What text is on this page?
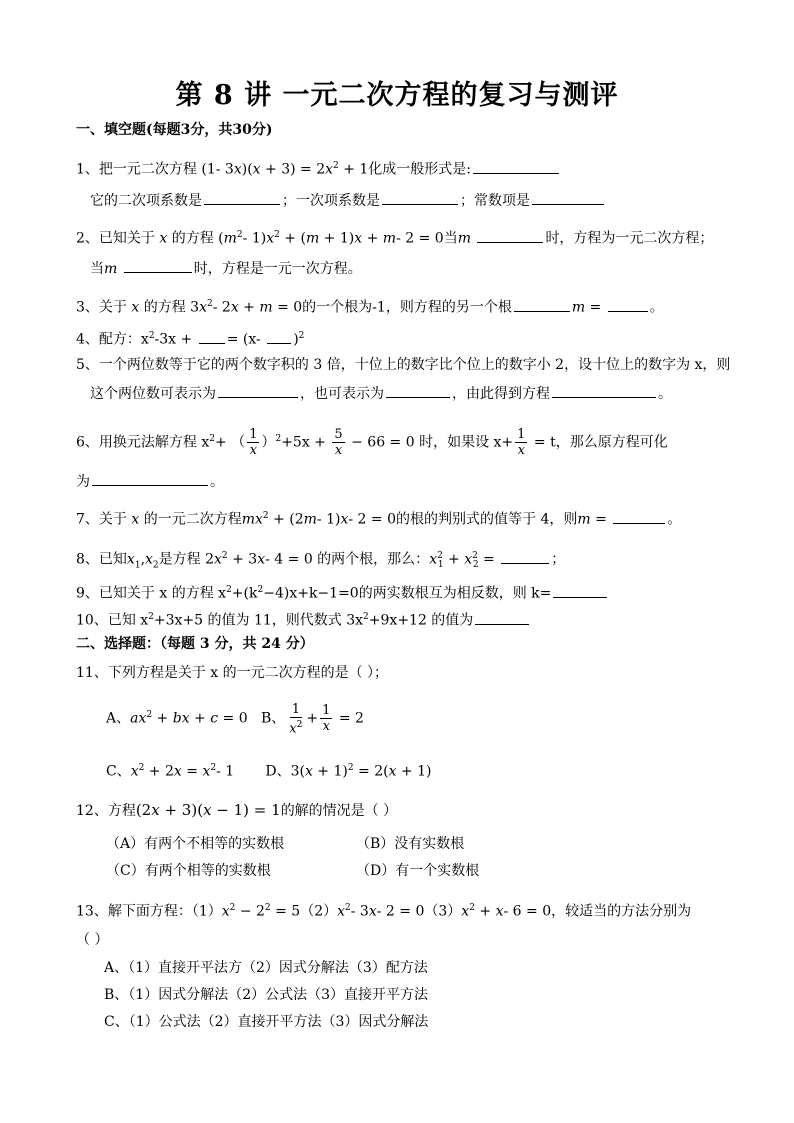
第 8 讲 一元二次方程的复习与测评
一、填空题(每题3分，共30分)
1、把一元二次方程 (1- $3x)(x + 3) = 2x^2 + 1$化成一般形式是:
它的二次项系数是	；一次项系数是	；常数项是
2、已知关于 x 的方程 ($m^2-$ $1)x^2 + (m + 1)x + m-$ 2 = 0当m	时，方程为一元二次方程；
当m	时，方程是一元一次方程。
3、关于 x 的方程 $3x^2-$ 2x + m = 0的一个根为-1，则方程的另一个根	m =	。
4、配方：$x^2-3x$ + = (x- )$^2$
5、一个两位数等于它的两个数字积的 3 倍，十位上的数字比个位上的数字小 2，设十位上的数字为 x，则
这个两位数可表示为	，也可表示为	，由此得到方程	。
6、用换元法解方程 $x^2+$ （ $\frac{1}{x} )^2+5x + \frac{5}{x} - 66 = 0$ 时，如果设 $x+ \frac{1}{x} = t$，那么原方程可化
为	。
7、关于 x 的一元二次方程$mx^2 + (2m-$ 1)x- 2 = 0的根的判别式的值等于 4，则m =	。
8、已知$x_1,x_2$是方程 $2x^2 + 3x-$ 4 = 0 的两个根，那么：$x^2_1 + x^2_2$ =	；
9、已知关于 x 的方程 $x^2+(k^2-4)x+k-1=0$的两实数根互为相反数，则 k=
10、已知 $x^2+3x+5$ 的值为 11，则代数式 $3x^2+9x+12$ 的值为
二、选择题：（每题 3 分，共 24 分）
11、下列方程是关于 x 的一元二次方程的是（ ）；
A、$ax^2$ + bx + c = 0 B、 $\frac{1}{x^2} + \frac{1}{x} = 2$
C、$x^2 + 2x = x^2-$ 1 D、$3(x + 1)^2 = 2(x + 1)$
12、方程(2x + 3)(x − 1) = 1的解的情况是（ ）
（A）有两个不相等的实数根	（B）没有实数根
（C）有两个相等的实数根	（D）有一个实数根
13、解下面方程：$(1)x^2 - 2^2 = 5(2)x^2-$ 3x- $2 = 0(3)x^2 + x-$ 6 = 0，较适当的方法分别为
（ ）
A、（1）直接开平法方（2）因式分解法（3）配方法
B、（1）因式分解法（2）公式法（3）直接开平方法
C、（1）公式法（2）直接开平方法（3）因式分解法
